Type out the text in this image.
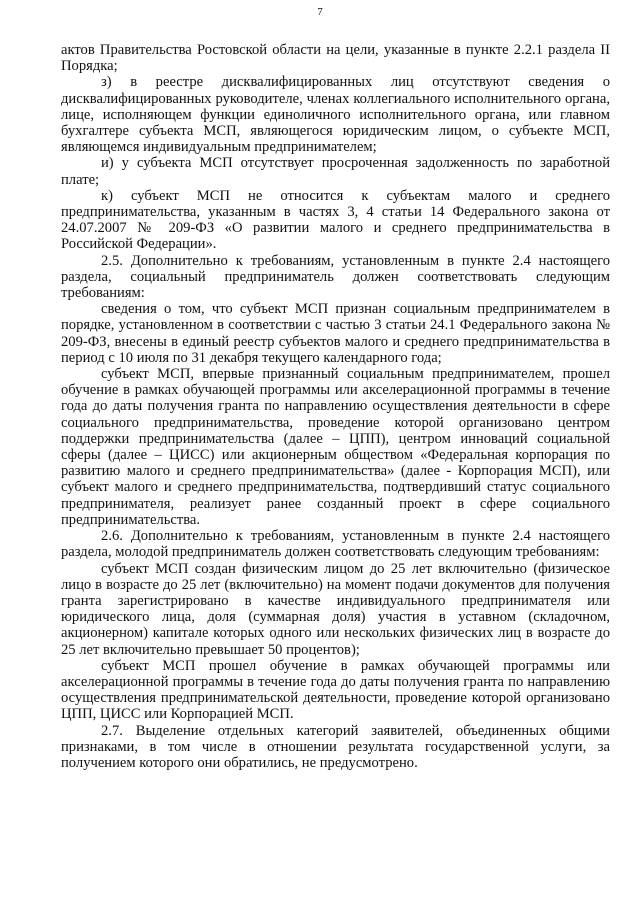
7

актов Правительства Ростовской области на цели, указанные в пункте 2.2.1 раздела II Порядка;

з) в реестре дисквалифицированных лиц отсутствуют сведения о дисквалифицированных руководителе, членах коллегиального исполнительного органа, лице, исполняющем функции единоличного исполнительного органа, или главном бухгалтере субъекта МСП, являющегося юридическим лицом, о субъекте МСП, являющемся индивидуальным предпринимателем;

и) у субъекта МСП отсутствует просроченная задолженность по заработной плате;

к) субъект МСП не относится к субъектам малого и среднего предпринимательства, указанным в частях 3, 4 статьи 14 Федерального закона от 24.07.2007 № 209-ФЗ «О развитии малого и среднего предпринимательства в Российской Федерации».

2.5. Дополнительно к требованиям, установленным в пункте 2.4 настоящего раздела, социальный предприниматель должен соответствовать следующим требованиям:

сведения о том, что субъект МСП признан социальным предпринимателем в порядке, установленном в соответствии с частью 3 статьи 24.1 Федерального закона № 209-ФЗ, внесены в единый реестр субъектов малого и среднего предпринимательства в период с 10 июля по 31 декабря текущего календарного года;

субъект МСП, впервые признанный социальным предпринимателем, прошел обучение в рамках обучающей программы или акселерационной программы в течение года до даты получения гранта по направлению осуществления деятельности в сфере социального предпринимательства, проведение которой организовано центром поддержки предпринимательства (далее – ЦПП), центром инноваций социальной сферы (далее – ЦИСС) или акционерным обществом «Федеральная корпорация по развитию малого и среднего предпринимательства» (далее - Корпорация МСП), или субъект малого и среднего предпринимательства, подтвердивший статус социального предпринимателя, реализует ранее созданный проект в сфере социального предпринимательства.

2.6. Дополнительно к требованиям, установленным в пункте 2.4 настоящего раздела, молодой предприниматель должен соответствовать следующим требованиям:

субъект МСП создан физическим лицом до 25 лет включительно (физическое лицо в возрасте до 25 лет (включительно) на момент подачи документов для получения гранта зарегистрировано в качестве индивидуального предпринимателя или юридического лица, доля (суммарная доля) участия в уставном (складочном, акционерном) капитале которых одного или нескольких физических лиц в возрасте до 25 лет включительно превышает 50 процентов);

субъект МСП прошел обучение в рамках обучающей программы или акселерационной программы в течение года до даты получения гранта по направлению осуществления предпринимательской деятельности, проведение которой организовано ЦПП, ЦИСС или Корпорацией МСП.

2.7. Выделение отдельных категорий заявителей, объединенных общими признаками, в том числе в отношении результата государственной услуги, за получением которого они обратились, не предусмотрено.
